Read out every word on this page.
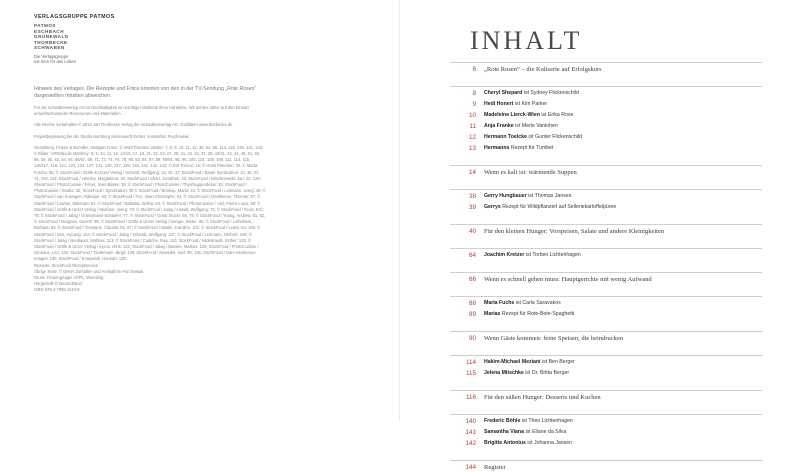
VERLAGSGRUPPE PATMOS
PATMOS
ESCHBACH
GRÜNEWALD
THORBECKE
SCHWABEN
Die Verlagsgruppe
mit Sinn für das Leben
Hinweis des Verlages: Die Rezepte und Fotos könnten von den in der TV-Sendung „Rote Rosen“ dargestellten Inhalten abweichen.
Für die Schwabenverlag AG ist Nachhaltigkeit ein wichtiger Maßstab ihres Handelns. Wir achten daher auf den Einsatz umweltschonender Ressourcen und Materialien.
Alle Rechte vorbehalten © 2016 Jan Thorbecke Verlag der Schwabenverlag AG, Ostfildern www.thorbecke.de
Projektbegleitung bei der Studio Hamburg Serienwerft GmbH, Annkathrin Porchowiak
Gestaltung: Finken & Bumiller, Stuttgart Fotos: © ARD/Thorsten Jander: 7, 8, 9, 10, 11, 12, 38, 64, 88, 114, 115, 140, 141, 142; © Bilder: ARD/Nicole Manthey: 8, 9, 10, 11, 12, 14/15, 17, 19, 21, 22, 24, 27, 28, 31, 33, 34, 37, 39, 40/41, 42, 44, 49, 51, 55, 56, 59, 60, 62, 64, 65, 66/67, 69, 71, 73, 74, 76, 79, 80, 83, 84, 87, 89, 90/91, 95, 96, 100, 102, 105, 109, 111, 114, 115, 116/117, 118, 121, 123, 124, 127, 131, 135, 137, 138, 140, 141, 142, 143; © Zoli Tomcsi: 15; © Horst Petersen: 35; © Marta Furcha: 88; © StockFood / Gräfe & Unzer Verlag / Schardt, Wolfgang: 16, 26, 47; StockFood / Bauer Syndication: 13, 36, 43, 74, 103, 119; StockFood / Hendey, Magdalena: 20; StockFood / Short, Jonathan: 23; StockFood / Wischnewski, Jan: 25, 129; StockFood / PhotoCuisine / Fénot, Jean-Blaise: 29; © StockFood / PhotoCuisine / Thys/Supperdelux: 30; StockFood / PhotoCuisine / Studio: 32; StockFood / Syndication: 35 © StockFood / Brinkop, Maria: 44; © StockFood / Leitmann, Joerg: 48; © StockFood / van Koesigen, Rabique: 53; © StockFood / Fox, Jean-Christophe: 54; © StockFood / Oeelberner, Thomas: 57; © StockFood / Lawner, Ekkehart: 62; © StockFood / Balaska, Selina: 63; © StockFood / PhotoCuisine / Viel, Pierre-Louis: 68; © StockFood / Gräfe & Unzer Verlag / Wießner, Joerg: 70; © StockFood / Jalag / Aswalt, Wolfgang: 72; © StockFood / Feret, Eric: 75; © StockFood / Jalag / Griessmann-Schaefer: 77; © StockFood / Great Stock!: 58, 78; © StockFood / Young, Andrew: 81, 82; © StockFood / Morgans, Gareth: 85; © StockFood / Gräfe & Unzer Verlag / Kempe, Dieter: 86; © StockFood / Lufterbein, Barbara: 93; © StockFood / Tremaine, Claudia: 92, 97; © StockFood / Martin, Caroline: 101; © StockFood / Lewis, Ito: 106; © StockFood / Dos, Hyoung: 104; © StockFood / Jalag / Schardt, Wolfgang: 107; © StockFood / Lehmann, Herbert: 108; © StockFood / Jalag / Neubauer, Mathias: 113; © StockFood / Cadiche, Rua: 110; StockFood / Hildebrandt, Esther: 125; © StockFood / Gräfe & Unzer Verlag / Kyros, chris: 122; StockFood / Jalag / Bassler, Markus: 125; StockFood / PhotoCuisine / Nicolaus, Leo: 126; StockFood / Tiedemann, Birgit: 130; StockFood / Newedel, Karl: 96, 136; StockFood / Dani Henderson Images: 136; StockFood / Kompanik, Hannah: 139.
Rezepte: StockFood Rezeptservice
Übrige Texte: © Dieter Zurhalten und Annkathrin Porchowiak
Druck: Firmengruppe APPL, Wemding
Hergestellt in Deutschland
ISBN 978-3-7995-1143-8
INHALT
6 „Rote Rosen“ – die Kultserie auf Erfolgskurs
8 Cheryl Shepard ist Sydney Flickenschild
9 Hedi Honert ist Kim Parker
10 Madeleine Lierck-Wien ist Erika Rose
11 Anja Franke ist Merle Vanlohen
12 Hermann Toelcke ist Gunter Flickenschild
13 Hermanns Rezept für Tumbet
14 Wenn es kalt ist: wärmende Suppen
38 Gerry Hungbauer ist Thomas Jansen
39 Gerrys Rezept für Wildpflanzerl auf Selleriekartoffelpüree
40 Für den kleinen Hunger: Vorspeisen, Salate und andere Kleinigkeiten
64 Joachim Kretzer ist Torben Lichtenhagen
66 Wenn es schnell gehen muss: Hauptgerichte mit wenig Aufwand
88 Maria Fuchs ist Carla Saravakos
89 Marias Rezept für Rote-Bete-Spaghetti
90 Wenn Gäste kommen: feine Speisen, die beindrucken
114 Hakim-Michael Meziani ist Ben Berger
115 Jelena Mitschke ist Dr. Britta Berger
116 Für den süßen Hunger: Desserts und Kuchen
140 Frederic Böhle ist Theo Lichtenhagen
141 Samantha Viana ist Eliane da Silva
142 Brigitte Antonius ist Johanna Jansen
144 Register
